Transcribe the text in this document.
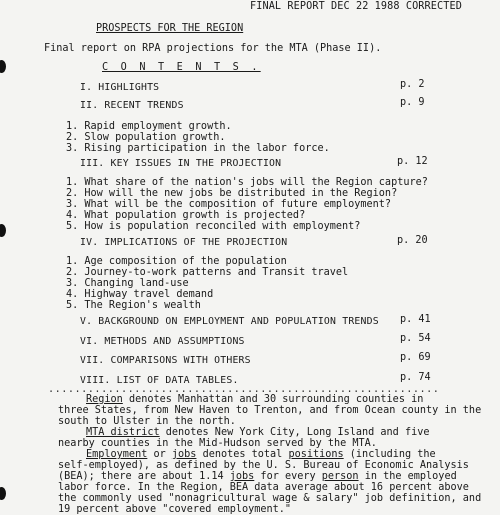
FINAL REPORT DEC 22 1988 CORRECTED
PROSPECTS FOR THE REGION
Final report on RPA projections for the MTA (Phase II).
C O N T E N T S .
I. HIGHLIGHTS	p. 2
II. RECENT TRENDS	p. 9
1. Rapid employment growth.
2. Slow population growth.
3. Rising participation in the labor force.
III. KEY ISSUES IN THE PROJECTION	p. 12
1. What share of the nation's jobs will the Region capture?
2. How will the new jobs be distributed in the Region?
3. What will be the composition of future employment?
4. What population growth is projected?
5. How is population reconciled with employment?
IV. IMPLICATIONS OF THE PROJECTION	p. 20
1. Age composition of the population
2. Journey-to-work patterns and Transit travel
3. Changing land-use
4. Highway travel demand
5. The Region's wealth
V. BACKGROUND ON EMPLOYMENT AND POPULATION TRENDS p. 41
VI. METHODS AND ASSUMPTIONS	p. 54
VII. COMPARISONS WITH OTHERS	p. 69
VIII. LIST OF DATA TABLES.	p. 74
...........................................................
Region denotes Manhattan and 30 surrounding counties in
three States, from New Haven to Trenton, and from Ocean county in the
south to Ulster in the north.
MTA district denotes New York City, Long Island and five
nearby counties in the Mid-Hudson served by the MTA.
Employment or jobs denotes total positions (including the
self-employed), as defined by the U. S. Bureau of Economic Analysis
(BEA); there are about 1.14 jobs for every person in the employed
labor force. In the Region, BEA data average about 16 percent above
the commonly used "nonagricultural wage & salary" job definition, and
19 percent above "covered employment."
